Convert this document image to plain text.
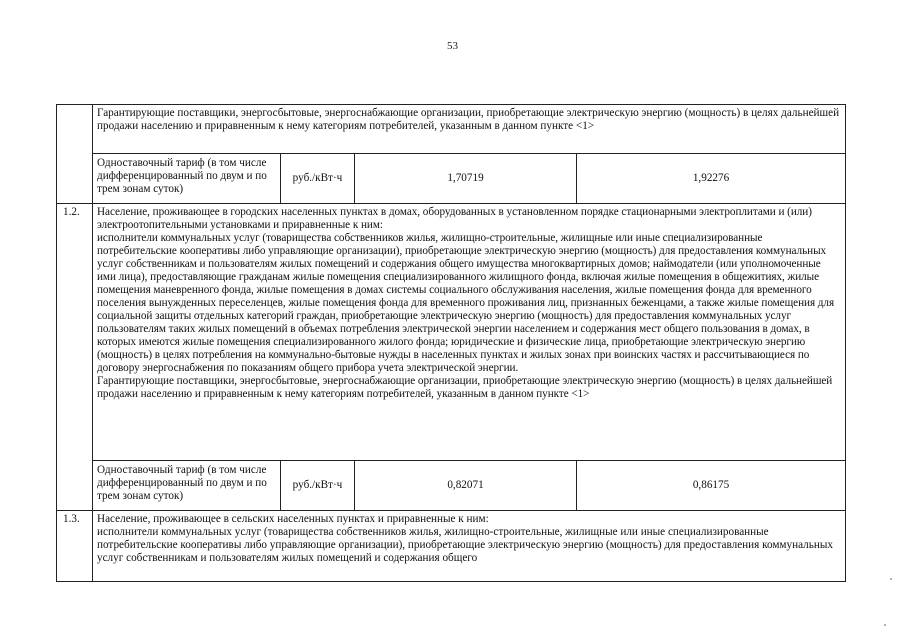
53
	Гарантирующие поставщики, энергосбытовые, энергоснабжающие организации, приобретающие электрическую энергию (мощность) в целях дальнейшей продажи населению и приравненным к нему категориям потребителей, указанным в данном пункте <1>			
	Одноставочный тариф (в том числе дифференцированный по двум и по трем зонам суток)	руб./кВт·ч	1,70719	1,92276
1.2.	Население, проживающее в городских населенных пунктах в домах, оборудованных в установленном порядке стационарными электроплитами и (или) электроотопительными установками и приравненные к ним:
исполнители коммунальных услуг (товарищества собственников жилья, жилищно-строительные, жилищные или иные специализированные потребительские кооперативы либо управляющие организации), приобретающие электрическую энергию (мощность) для предоставления коммунальных услуг собственникам и пользователям жилых помещений и содержания общего имущества многоквартирных домов; наймодатели (или уполномоченные ими лица), предоставляющие гражданам жилые помещения специализированного жилищного фонда, включая жилые помещения в общежитиях, жилые помещения маневренного фонда, жилые помещения в домах системы социального обслуживания населения, жилые помещения фонда для временного поселения вынужденных переселенцев, жилые помещения фонда для временного проживания лиц, признанных беженцами, а также жилые помещения для социальной защиты отдельных категорий граждан, приобретающие электрическую энергию (мощность) для предоставления коммунальных услуг пользователям таких жилых помещений в объемах потребления электрической энергии населением и содержания мест общего пользования в домах, в которых имеются жилые помещения специализированного жилого фонда; юридические и физические лица, приобретающие электрическую энергию (мощность) в целях потребления на коммунально-бытовые нужды в населенных пунктах и жилых зонах при воинских частях и рассчитывающиеся по договору энергоснабжения по показаниям общего прибора учета электрической энергии.
Гарантирующие поставщики, энергосбытовые, энергоснабжающие организации, приобретающие электрическую энергию (мощность) в целях дальнейшей продажи населению и приравненным к нему категориям потребителей, указанным в данном пункте <1>			

	Одноставочный тариф (в том числе дифференцированный по двум и по трем зонам суток)	руб./кВт·ч	0,82071	0,86175
1.3.	Население, проживающее в сельских населенных пунктах и приравненные к ним:
исполнители коммунальных услуг (товарищества собственников жилья, жилищно-строительные, жилищные или иные специализированные потребительские кооперативы либо управляющие организации), приобретающие электрическую энергию (мощность) для предоставления коммунальных услуг собственникам и пользователям жилых помещений и содержания общего			
